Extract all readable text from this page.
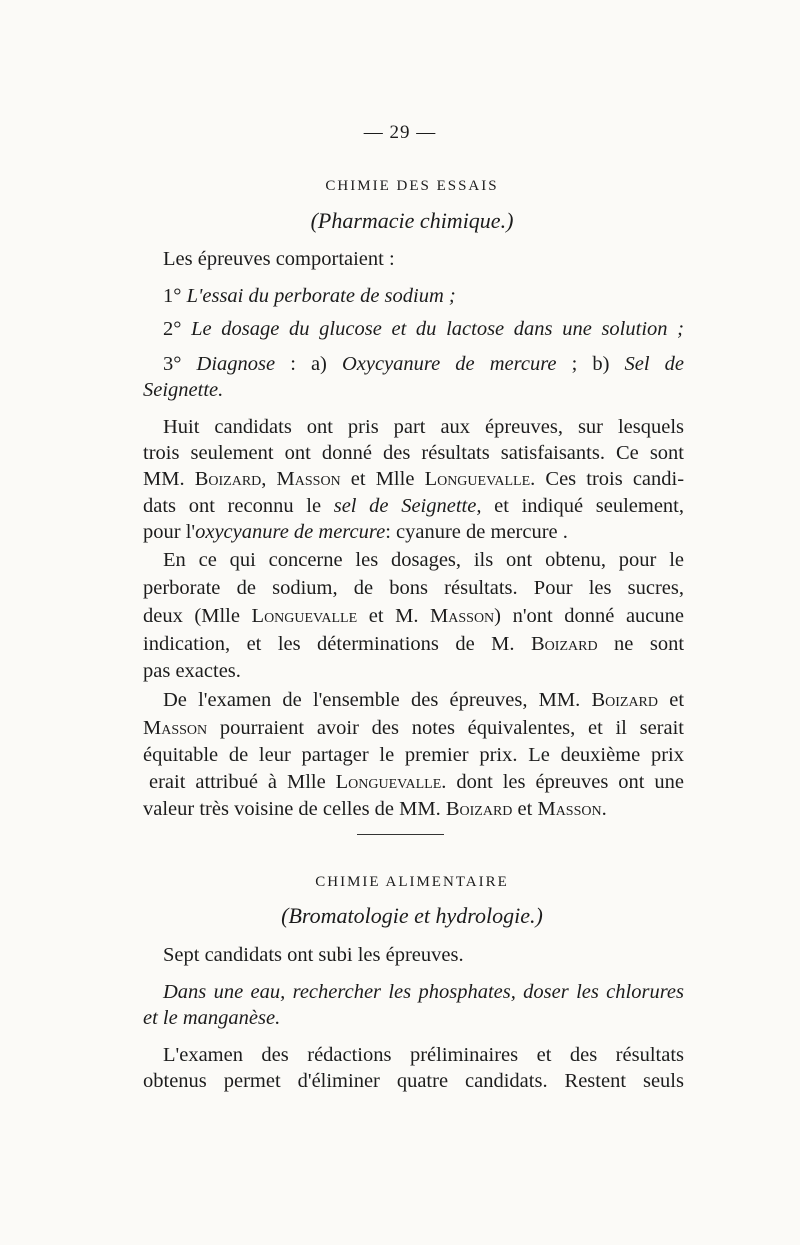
— 29 —
CHIMIE DES ESSAIS
(Pharmacie chimique.)
Les épreuves comportaient :
1° L'essai du perborate de sodium ;
2° Le dosage du glucose et du lactose dans une solution ;
3° Diagnose : a) Oxycyanure de mercure ; b) Sel de
Seignette.
Huit candidats ont pris part aux épreuves, sur lesquels
trois seulement ont donné des résultats satisfaisants. Ce sont
MM. Boizard, Masson et Mlle Longuevalle. Ces trois candi-
dats ont reconnu le sel de Seignette, et indiqué seulement,
pour l'oxycyanure de mercure: cyanure de mercure .
En ce qui concerne les dosages, ils ont obtenu, pour le
perborate de sodium, de bons résultats. Pour les sucres,
deux (Mlle Longuevalle et M. Masson) n'ont donné aucune
indication, et les déterminations de M. Boizard ne sont
pas exactes.
De l'examen de l'ensemble des épreuves, MM. Boizard et
Masson pourraient avoir des notes équivalentes, et il serait
équitable de leur partager le premier prix. Le deuxième prix
erait attribué à Mlle Longuevalle. dont les épreuves ont une
valeur très voisine de celles de MM. Boizard et Masson.
CHIMIE ALIMENTAIRE
(Bromatologie et hydrologie.)
Sept candidats ont subi les épreuves.
Dans une eau, rechercher les phosphates, doser les chlorures
et le manganèse.
L'examen des rédactions préliminaires et des résultats
obtenus permet d'éliminer quatre candidats. Restent seuls
